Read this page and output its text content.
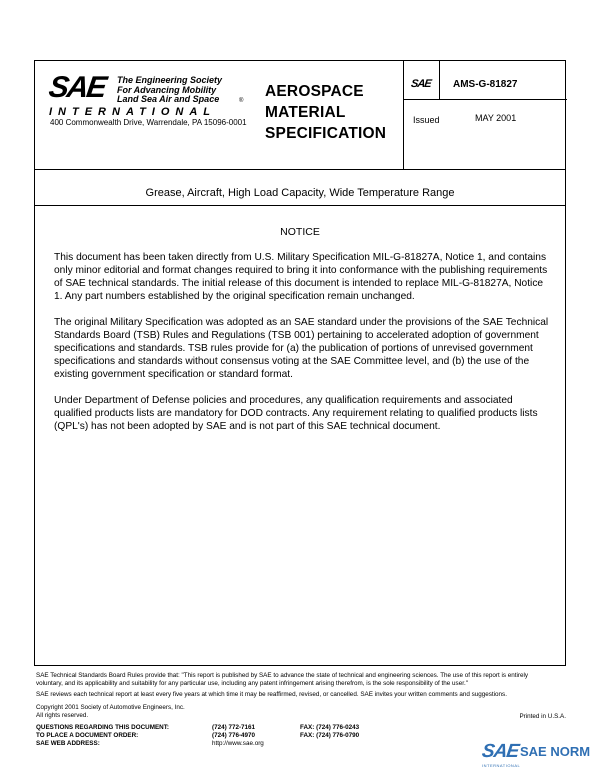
SAE The Engineering Society
For Advancing Mobility
Land Sea Air and Space
INTERNATIONAL
®
400 Commonwealth Drive, Warrendale, PA 15096-0001
AEROSPACE
MATERIAL
SPECIFICATION
SAE AMS-G-81827
Issued	MAY 2001
Grease, Aircraft, High Load Capacity, Wide Temperature Range
NOTICE

This document has been taken directly from U.S. Military Specification MIL-G-81827A, Notice 1, and contains only minor editorial and format changes required to bring it into conformance with the publishing requirements of SAE technical standards. The initial release of this document is intended to replace MIL-G-81827A, Notice 1. Any part numbers established by the original specification remain unchanged.

The original Military Specification was adopted as an SAE standard under the provisions of the SAE Technical Standards Board (TSB) Rules and Regulations (TSB 001) pertaining to accelerated adoption of government specifications and standards. TSB rules provide for (a) the publication of portions of unrevised government specifications and standards without consensus voting at the SAE Committee level, and (b) the use of the existing government specification or standard format.

Under Department of Defense policies and procedures, any qualification requirements and associated qualified products lists are mandatory for DOD contracts. Any requirement relating to qualified products lists (QPL's) has not been adopted by SAE and is not part of this SAE technical document.

SAE Technical Standards Board Rules provide that: "This report is published by SAE to advance the state of technical and engineering sciences. The use of this report is entirely
voluntary, and its applicability and suitability for any particular use, including any patent infringement arising therefrom, is the sole responsibility of the user."
SAE reviews each technical report at least every five years at which time it may be reaffirmed, revised, or cancelled. SAE invites your written comments and suggestions.
Copyright 2001 Society of Automotive Engineers, Inc.
All rights reserved.	Printed in U.S.A.
QUESTIONS REGARDING THIS DOCUMENT:	(724) 772-7161	FAX: (724) 776-0243
TO PLACE A DOCUMENT ORDER:	(724) 776-4970	FAX: (724) 776-0790
SAE WEB ADDRESS:	http://www.sae.org	SAE SAE NORM
INTERNATIONAL
